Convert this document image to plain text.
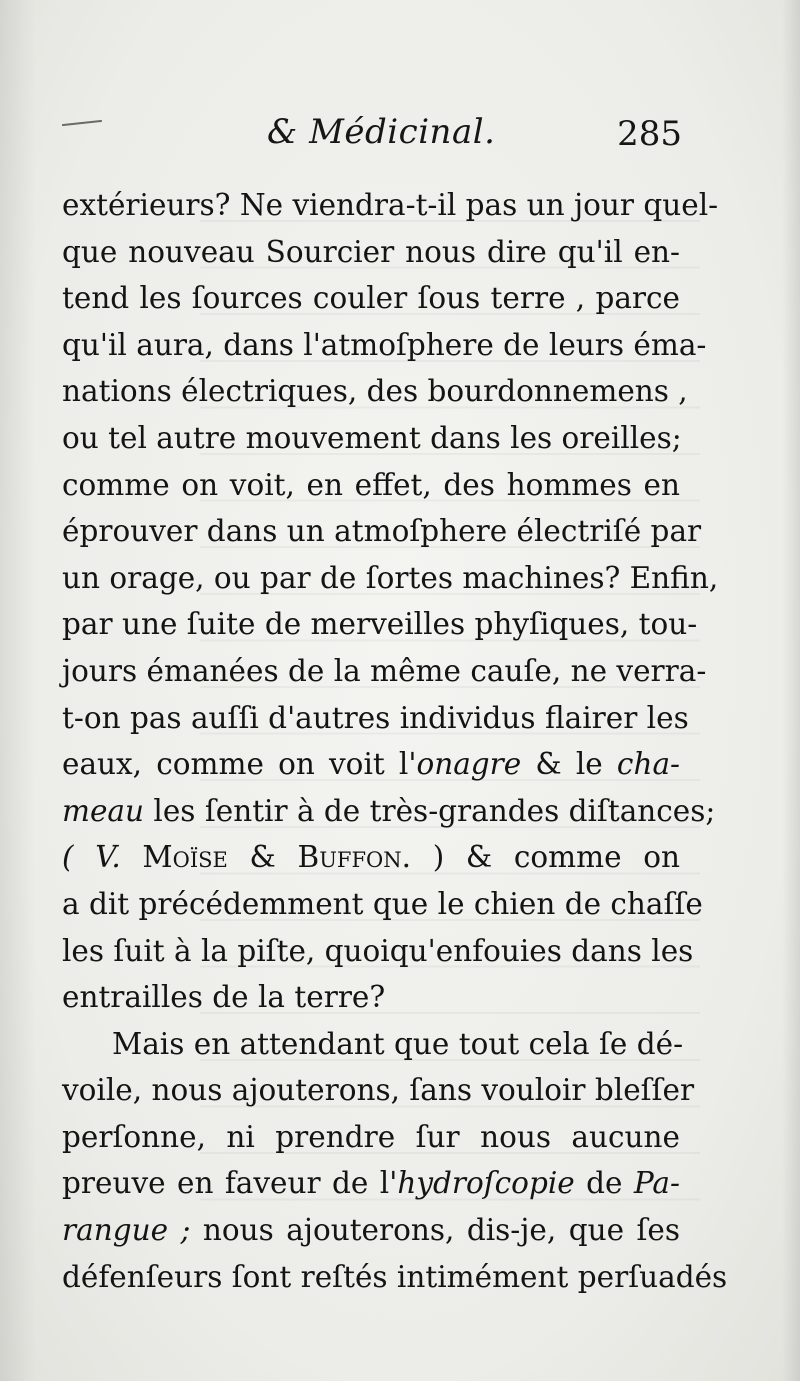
& Médicinal.	285
extérieurs? Ne viendra-t-il pas un jour quel-
que nouveau Sourcier nous dire qu'il en-
tend les ſources couler ſous terre , parce
qu'il aura, dans l'atmoſphere de leurs éma-
nations électriques, des bourdonnemens ,
ou tel autre mouvement dans les oreilles;
comme on voit, en effet, des hommes en
éprouver dans un atmoſphere électriſé par
un orage, ou par de ſortes machines? Enfin,
par une ſuite de merveilles phyſiques, tou-
jours émanées de la même cauſe, ne verra-
t-on pas auſſi d'autres individus flairer les
eaux, comme on voit l'onagre & le cha-
meau les ſentir à de très-grandes diſtances;
( V. Moïse & Buffon. ) & comme on
a dit précédemment que le chien de chaſſe
les ſuit à la piſte, quoiqu'enfouies dans les
entrailles de la terre?
Mais en attendant que tout cela ſe dé-
voile, nous ajouterons, ſans vouloir bleſſer
perſonne, ni prendre ſur nous aucune
preuve en faveur de l'hydroſcopie de Pa-
rangue ; nous ajouterons, dis-je, que ſes
défenſeurs ſont reſtés intimément perſuadés
